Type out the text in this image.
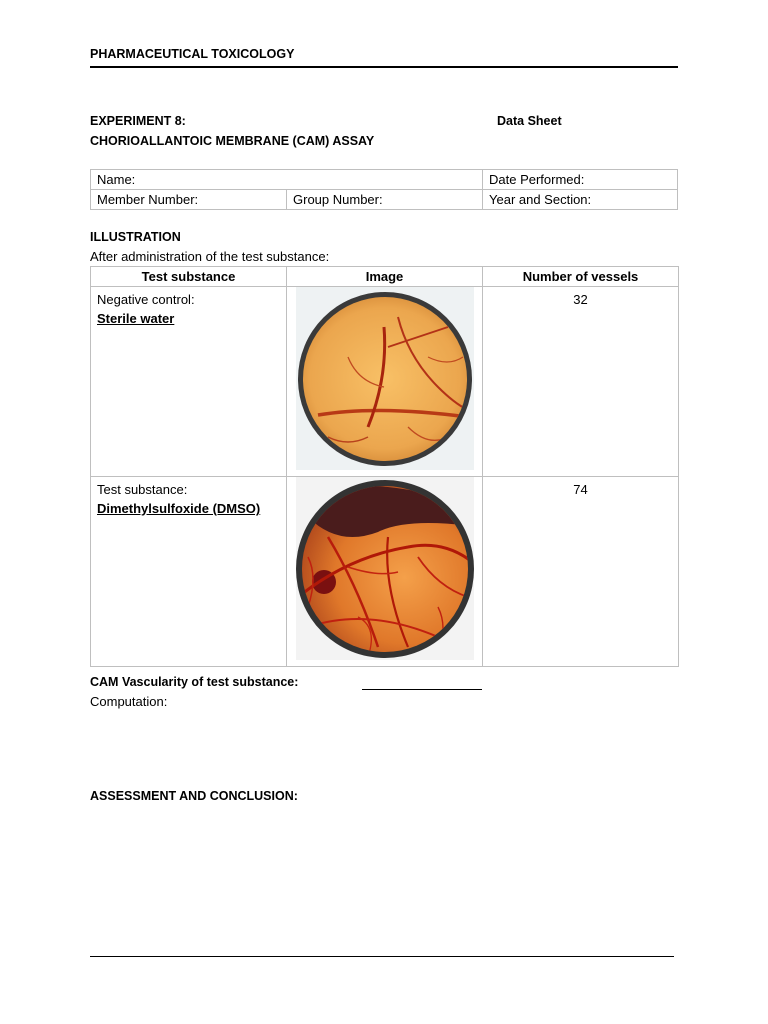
PHARMACEUTICAL TOXICOLOGY
EXPERIMENT 8:
CHORIOALLANTOIC MEMBRANE (CAM) ASSAY
Data Sheet
Name:		Date Performed:
Member Number:	Group Number:	Year and Section:
ILLUSTRATION
After administration of the test substance:
Test substance	Image	Number of vessels

Negative control:
Sterile water		32

Test substance:
Dimethylsulfoxide (DMSO)		74
CAM Vascularity of test substance:
Computation:
ASSESSMENT AND CONCLUSION:
